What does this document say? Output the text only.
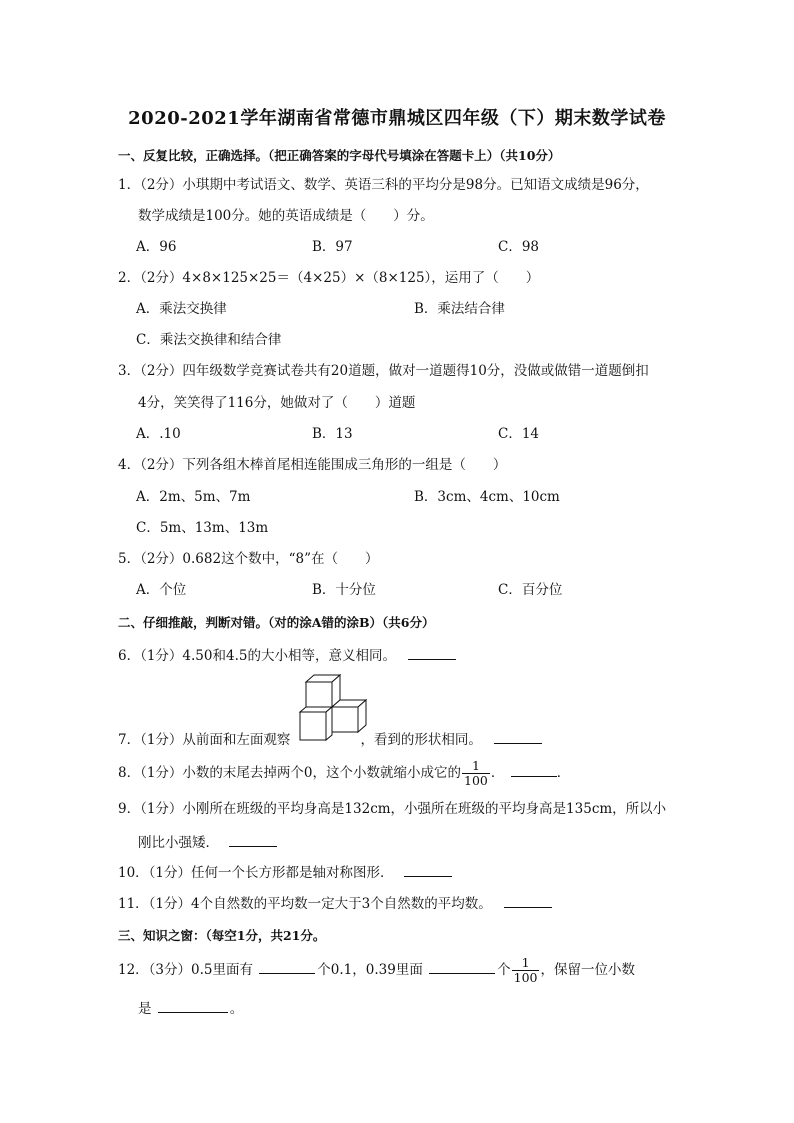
2020-2021学年湖南省常德市鼎城区四年级（下）期末数学试卷
一、反复比较，正确选择。（把正确答案的字母代号填涂在答题卡上）（共10分）
1．（2分）小琪期中考试语文、数学、英语三科的平均分是98分。已知语文成绩是96分，
数学成绩是100分。她的英语成绩是（　　）分。
A．96	B．97	C．98
2．（2分）4×8×125×25＝（4×25）×（8×125），运用了（　　）
A．乘法交换律	B．乘法结合律
C．乘法交换律和结合律
3．（2分）四年级数学竞赛试卷共有20道题，做对一道题得10分，没做或做错一道题倒扣
4分，笑笑得了116分，她做对了（　　）道题
A．.10	B．13	C．14
4．（2分）下列各组木棒首尾相连能围成三角形的一组是（　　）
A．2m、5m、7m	B．3cm、4cm、10cm
C．5m、13m、13m
5．（2分）0.682这个数中，“8”在（　　）
A．个位	B．十分位	C．百分位
二、仔细推敲，判断对错。（对的涂A错的涂B）（共6分）
6．（1分）4.50和4.5的大小相等，意义相同。
7．（1分）从前面和左面观察	，看到的形状相同。
8．（1分）小数的末尾去掉两个0，这个小数就缩小成它的 $\frac{1}{100}$ ．	．
9．（1分）小刚所在班级的平均身高是132cm，小强所在班级的平均身高是135cm，所以小
刚比小强矮．
10．（1分）任何一个长方形都是轴对称图形．
11．（1分）4个自然数的平均数一定大于3个自然数的平均数。
三、知识之窗：（每空1分，共21分。
12．（3分）0.5里面有	个0.1，0.39里面	个 $\frac{1}{100}$ ，保留一位小数
是	。
